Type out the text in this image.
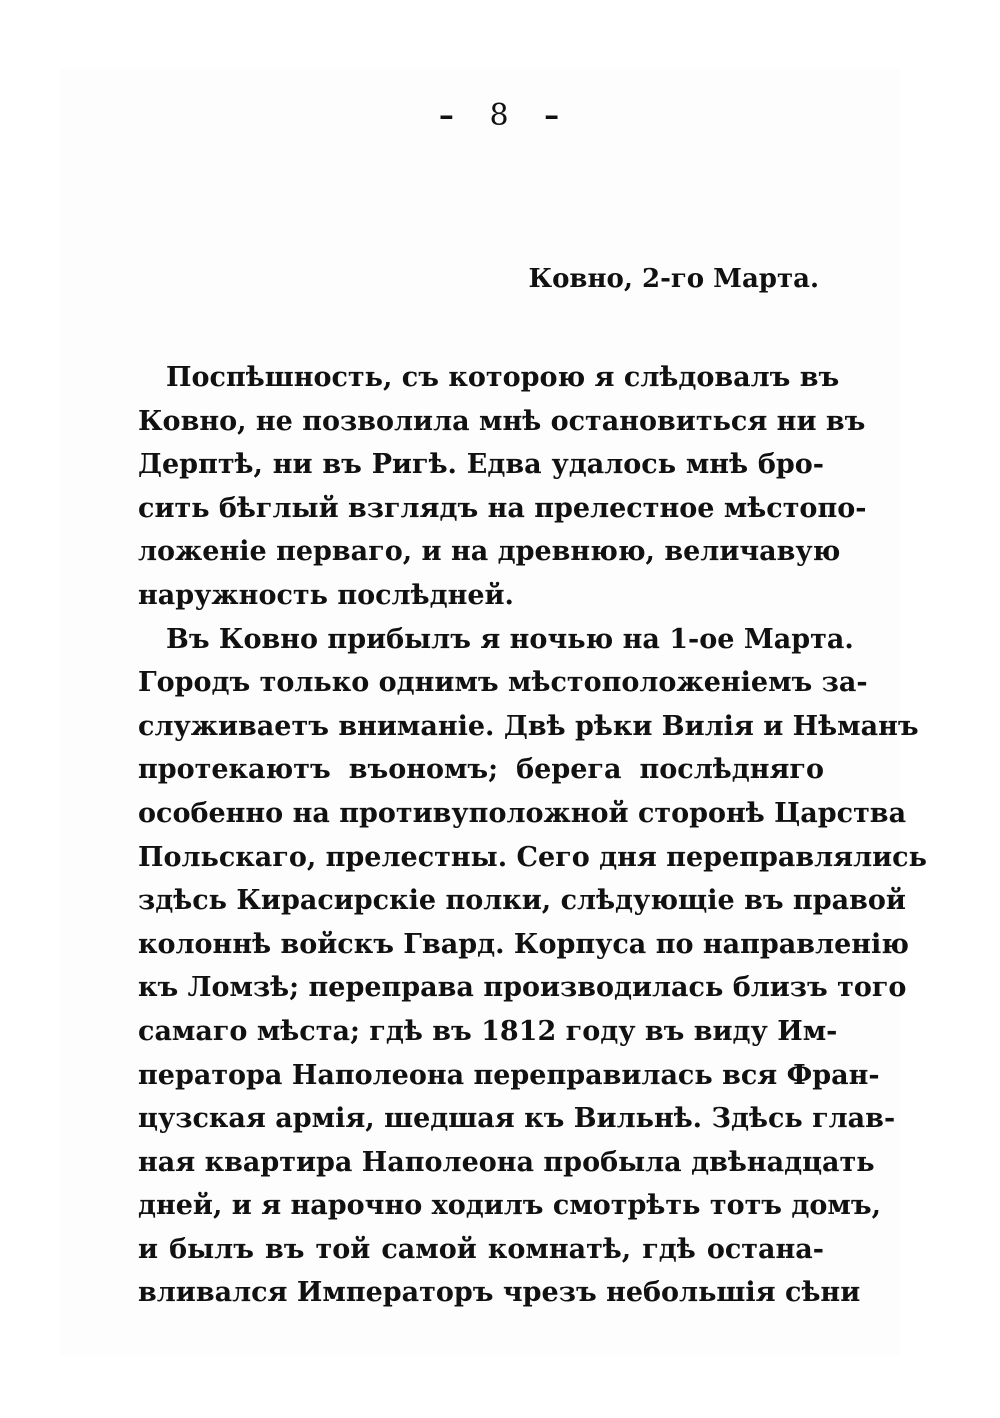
– 8 –
Ковно, 2-го Марта.
Поспѣшность, съ которою я слѣдовалъ въ
Ковно, не позволила мнѣ остановиться ни въ
Дерптѣ, ни въ Ригѣ. Едва удалось мнѣ бро-
сить бѣглый взглядъ на прелестное мѣстопо-
ложеніе перваго, и на древнюю, величавую
наружность послѣдней.
Въ Ковно прибылъ я ночью на 1-ое Марта.
Городъ только однимъ мѣстоположеніемъ за-
служиваетъ вниманіе. Двѣ рѣки Вилія и Нѣманъ
протекаютъ въономъ; берега послѣдняго
особенно на противуположной сторонѣ Царства
Польскаго, прелестны. Сего дня переправлялись
здѣсь Кирасирскіе полки, слѣдующіе въ правой
колоннѣ войскъ Гвард. Корпуса по направленію
къ Ломзѣ; переправа производилась близъ того
самаго мѣста; гдѣ въ 1812 году въ виду Им-
ператора Наполеона переправилась вся Фран-
цузская армія, шедшая къ Вильнѣ. Здѣсь глав-
ная квартира Наполеона пробыла двѣнадцать
дней, и я нарочно ходилъ смотрѣть тотъ домъ,
и былъ въ той самой комнатѣ, гдѣ остана-
вливался Императоръ чрезъ небольшія сѣни
